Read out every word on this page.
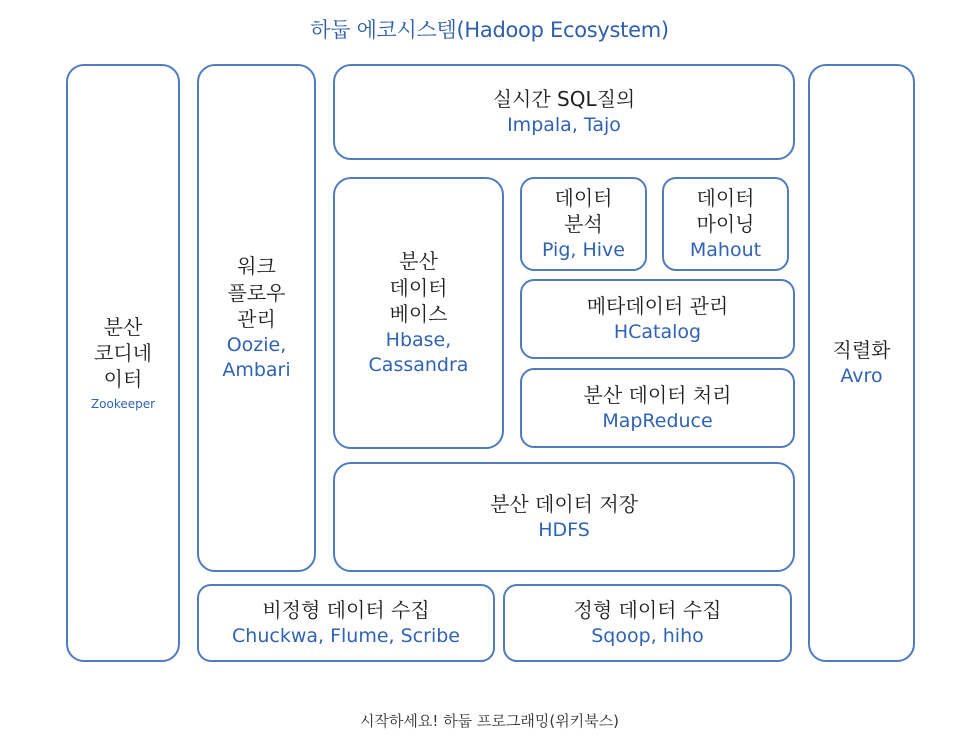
하둡 에코시스템(Hadoop Ecosystem)
분산
코디네
이터
Zookeeper
워크
플로우
관리
Oozie,
Ambari
실시간 SQL질의
Impala, Tajo
분산
데이터
베이스
Hbase,
Cassandra
데이터
분석
Pig, Hive
데이터
마이닝
Mahout
메타데이터 관리
HCatalog
분산 데이터 처리
MapReduce
분산 데이터 저장
HDFS
직렬화
Avro
비정형 데이터 수집
Chuckwa, Flume, Scribe
정형 데이터 수집
Sqoop, hiho
시작하세요! 하둡 프로그래밍(위키북스)
